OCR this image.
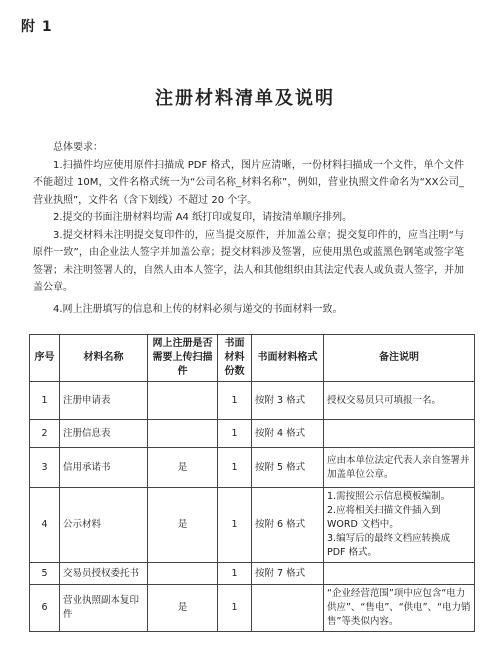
附 1
注册材料清单及说明

总体要求：

1.扫描件均应使用原件扫描成 PDF 格式，图片应清晰，一份材料扫描成一个文件，单个文件不能超过 10M，文件名格式统一为“公司名称_材料名称”，例如，营业执照文件命名为“XX公司_营业执照”，文件名（含下划线）不超过 20 个字。

2.提交的书面注册材料均需 A4 纸打印或复印，请按清单顺序排列。

3.提交材料未注明提交复印件的，应当提交原件，并加盖公章；提交复印件的，应当注明“与原件一致”，由企业法人签字并加盖公章；提交材料涉及签署，应使用黑色或蓝黑色钢笔或签字笔签署；未注明签署人的，自然人由本人签字，法人和其他组织由其法定代表人或负责人签字，并加盖公章。

4.网上注册填写的信息和上传的材料必须与递交的书面材料一致。

序号	材料名称	网上注册是否需要上传扫描件	书面材料份数	书面材料格式	备注说明
1	注册申请表		1	按附 3 格式	授权交易员只可填报一名。

2	注册信息表		1	按附 4 格式	
3	信用承诺书	是	1	按附 5 格式	应由本单位法定代表人亲自签署并加盖单位公章。

4	公示材料	是	1	按附 6 格式	1.需按照公示信息模板编制。
2.应将相关扫描文件插入到 WORD 文档中。
3.编写后的最终文档应转换成 PDF 格式。

5	交易员授权委托书		1	按附 7 格式	
6	营业执照副本复印件	是	1		“企业经营范围”项中应包含“电力供应”、“售电”、“供电”、“电力销售”等类似内容。
